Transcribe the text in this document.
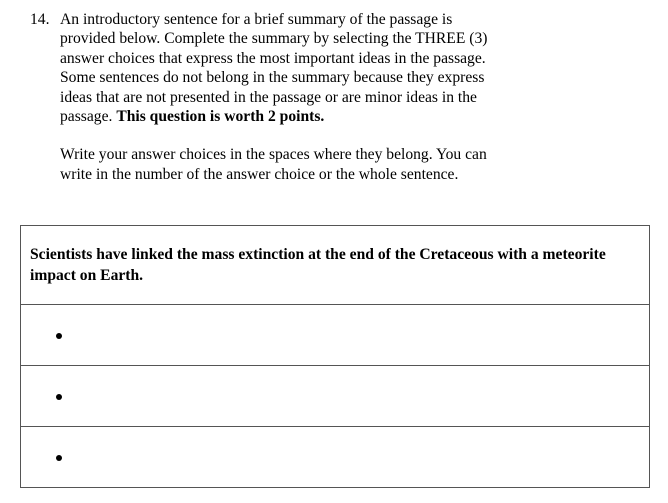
14. An introductory sentence for a brief summary of the passage is
provided below. Complete the summary by selecting the THREE (3)
answer choices that express the most important ideas in the passage.
Some sentences do not belong in the summary because they express
ideas that are not presented in the passage or are minor ideas in the
passage. This question is worth 2 points.
Write your answer choices in the spaces where they belong. You can
write in the number of the answer choice or the whole sentence.
Scientists have linked the mass extinction at the end of the Cretaceous with a meteorite impact on Earth.
